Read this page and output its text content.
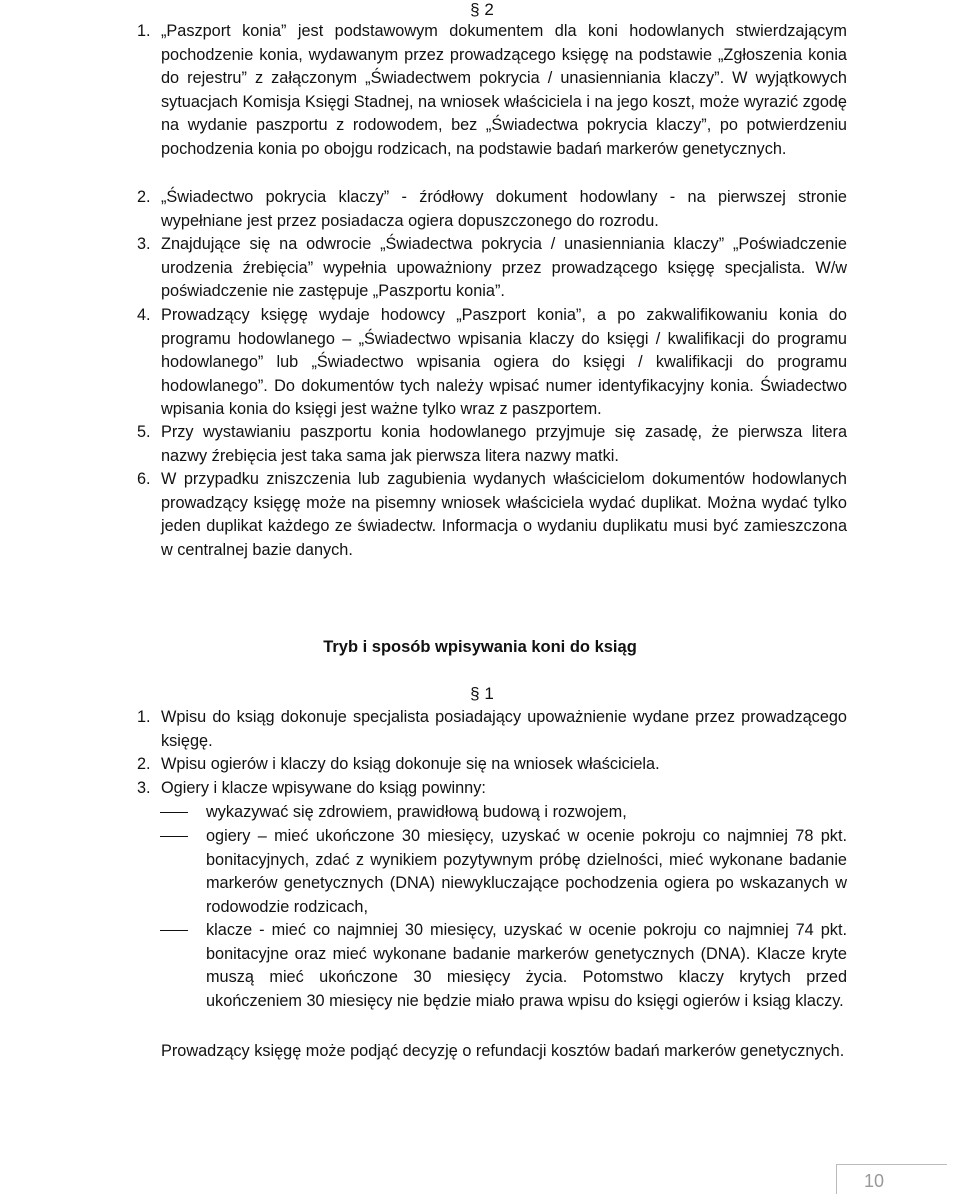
§ 2
1. „Paszport konia” jest podstawowym dokumentem dla koni hodowlanych stwierdzającym pochodzenie konia, wydawanym przez prowadzącego księgę na podstawie „Zgłoszenia konia do rejestru” z załączonym „Świadectwem pokrycia / unasienniania klaczy”. W wyjątkowych sytuacjach Komisja Księgi Stadnej, na wniosek właściciela i na jego koszt, może wyrazić zgodę na wydanie paszportu z rodowodem, bez „Świadectwa pokrycia klaczy”, po potwierdzeniu pochodzenia konia po obojgu rodzicach, na podstawie badań markerów genetycznych.
2. „Świadectwo pokrycia klaczy” - źródłowy dokument hodowlany - na pierwszej stronie wypełniane jest przez posiadacza ogiera dopuszczonego do rozrodu.
3. Znajdujące się na odwrocie „Świadectwa pokrycia / unasienniania klaczy” „Poświadczenie urodzenia źrebięcia” wypełnia upoważniony przez prowadzącego księgę specjalista. W/w poświadczenie nie zastępuje „Paszportu konia”.
4. Prowadzący księgę wydaje hodowcy „Paszport konia”, a po zakwalifikowaniu konia do programu hodowlanego – „Świadectwo wpisania klaczy do księgi / kwalifikacji do programu hodowlanego” lub „Świadectwo wpisania ogiera do księgi / kwalifikacji do programu hodowlanego”. Do dokumentów tych należy wpisać numer identyfikacyjny konia. Świadectwo wpisania konia do księgi jest ważne tylko wraz z paszportem.
5. Przy wystawianiu paszportu konia hodowlanego przyjmuje się zasadę, że pierwsza litera nazwy źrebięcia jest taka sama jak pierwsza litera nazwy matki.
6. W przypadku zniszczenia lub zagubienia wydanych właścicielom dokumentów hodowlanych prowadzący księgę może na pisemny wniosek właściciela wydać duplikat. Można wydać tylko jeden duplikat każdego ze świadectw. Informacja o wydaniu duplikatu musi być zamieszczona w centralnej bazie danych.
Tryb i sposób wpisywania koni do ksiąg
§ 1
1. Wpisu do ksiąg dokonuje specjalista posiadający upoważnienie wydane przez prowadzącego księgę.
2. Wpisu ogierów i klaczy do ksiąg dokonuje się na wniosek właściciela.
3. Ogiery i klacze wpisywane do ksiąg powinny:
wykazywać się zdrowiem, prawidłową budową i rozwojem,
ogiery – mieć ukończone 30 miesięcy, uzyskać w ocenie pokroju co najmniej 78 pkt. bonitacyjnych, zdać z wynikiem pozytywnym próbę dzielności, mieć wykonane badanie markerów genetycznych (DNA) niewykluczające pochodzenia ogiera po wskazanych w rodowodzie rodzicach,
klacze - mieć co najmniej 30 miesięcy, uzyskać w ocenie pokroju co najmniej 74 pkt. bonitacyjne oraz mieć wykonane badanie markerów genetycznych (DNA). Klacze kryte muszą mieć ukończone 30 miesięcy życia. Potomstwo klaczy krytych przed ukończeniem 30 miesięcy nie będzie miało prawa wpisu do księgi ogierów i ksiąg klaczy.
Prowadzący księgę może podjąć decyzję o refundacji kosztów badań markerów genetycznych.
10
